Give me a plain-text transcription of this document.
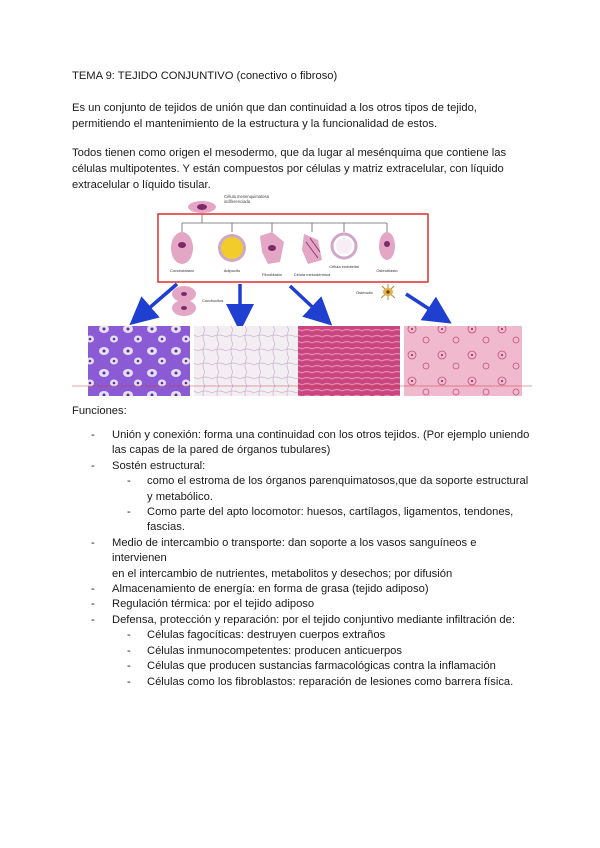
TEMA 9: TEJIDO CONJUNTIVO (conectivo o fibroso)
Es un conjunto de tejidos de unión que dan continuidad a los otros tipos de tejido,
permitiendo el mantenimiento de la estructura y la funcionalidad de estos.
Todos tienen como origen el mesodermo, que da lugar al mesénquima que contiene las
células multipotentes. Y están compuestos por células y matriz extracelular, con líquido
extracelular o líquido tisular.
Célula mesenquimatosa
indiferenciada
Condroblasto	Adipocito
Fibroblasto	Célula mesodérmica
Célula endotelial
Osteoblasto
Condrocitos
Osteocito
Funciones:
- Unión y conexión: forma una continuidad con los otros tejidos. (Por ejemplo uniendo
las capas de la pared de órganos tubulares)
- Sostén estructural:
- como el estroma de los órganos parenquimatosos,que da soporte estructural
y metabólico.
- Como parte del apto locomotor: huesos, cartílagos, ligamentos, tendones,
fascias.
- Medio de intercambio o transporte: dan soporte a los vasos sanguíneos e intervienen
en el intercambio de nutrientes, metabolitos y desechos; por difusión
- Almacenamiento de energía: en forma de grasa (tejido adiposo)
- Regulación térmica: por el tejido adiposo
- Defensa, protección y reparación: por el tejido conjuntivo mediante infiltración de:
- Células fagocíticas: destruyen cuerpos extraños
- Células inmunocompetentes: producen anticuerpos
- Células que producen sustancias farmacológicas contra la inflamación
- Células como los fibroblastos: reparación de lesiones como barrera física.
